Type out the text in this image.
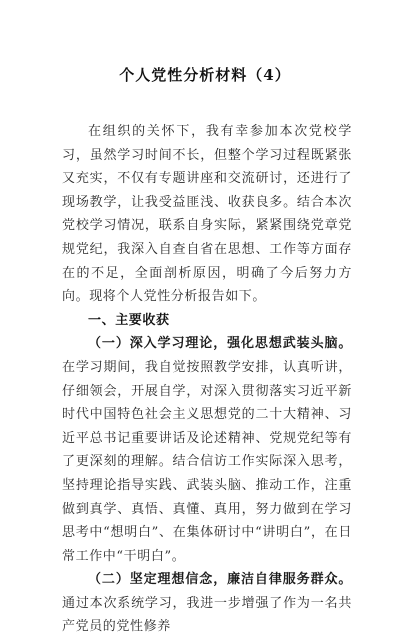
个人党性分析材料（4）

在组织的关怀下，我有幸参加本次党校学习，虽然学习时间不长，但整个学习过程既紧张又充实，不仅有专题讲座和交流研讨，还进行了现场教学，让我受益匪浅、收获良多。结合本次党校学习情况，联系自身实际，紧紧围绕党章党规党纪，我深入自查自省在思想、工作等方面存在的不足，全面剖析原因，明确了今后努力方向。现将个人党性分析报告如下。

一、主要收获

（一）深入学习理论，强化思想武装头脑。在学习期间，我自觉按照教学安排，认真听讲，仔细领会，开展自学，对深入贯彻落实习近平新时代中国特色社会主义思想党的二十大精神、习近平总书记重要讲话及论述精神、党规党纪等有了更深刻的理解。结合信访工作实际深入思考，坚持理论指导实践、武装头脑、推动工作，注重做到真学、真悟、真懂、真用，努力做到在学习思考中“想明白”、在集体研讨中“讲明白”，在日常工作中“干明白”。

（二）坚定理想信念，廉洁自律服务群众。通过本次系统学习，我进一步增强了作为一名共产党员的党性修养
